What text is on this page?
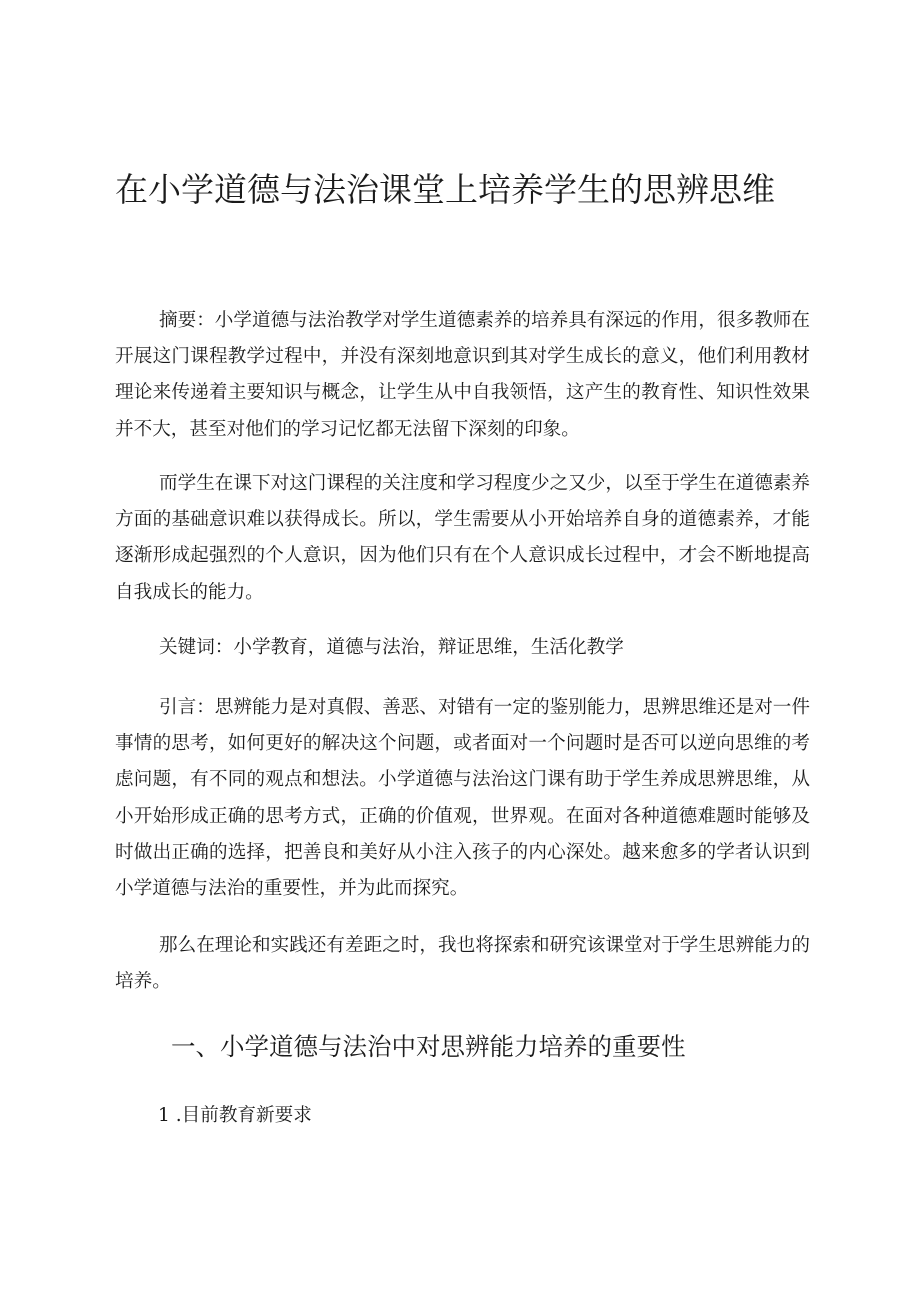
在小学道德与法治课堂上培养学生的思辨思维

摘要：小学道德与法治教学对学生道德素养的培养具有深远的作用，很多教师在开展这门课程教学过程中，并没有深刻地意识到其对学生成长的意义，他们利用教材理论来传递着主要知识与概念，让学生从中自我领悟，这产生的教育性、知识性效果并不大，甚至对他们的学习记忆都无法留下深刻的印象。

而学生在课下对这门课程的关注度和学习程度少之又少，以至于学生在道德素养方面的基础意识难以获得成长。所以，学生需要从小开始培养自身的道德素养，才能逐渐形成起强烈的个人意识，因为他们只有在个人意识成长过程中，才会不断地提高自我成长的能力。

关键词：小学教育，道德与法治，辩证思维，生活化教学

引言：思辨能力是对真假、善恶、对错有一定的鉴别能力，思辨思维还是对一件事情的思考，如何更好的解决这个问题，或者面对一个问题时是否可以逆向思维的考虑问题，有不同的观点和想法。小学道德与法治这门课有助于学生养成思辨思维，从小开始形成正确的思考方式，正确的价值观，世界观。在面对各种道德难题时能够及时做出正确的选择，把善良和美好从小注入孩子的内心深处。越来愈多的学者认识到小学道德与法治的重要性，并为此而探究。

那么在理论和实践还有差距之时，我也将探索和研究该课堂对于学生思辨能力的培养。

一、小学道德与法治中对思辨能力培养的重要性
1 .目前教育新要求
